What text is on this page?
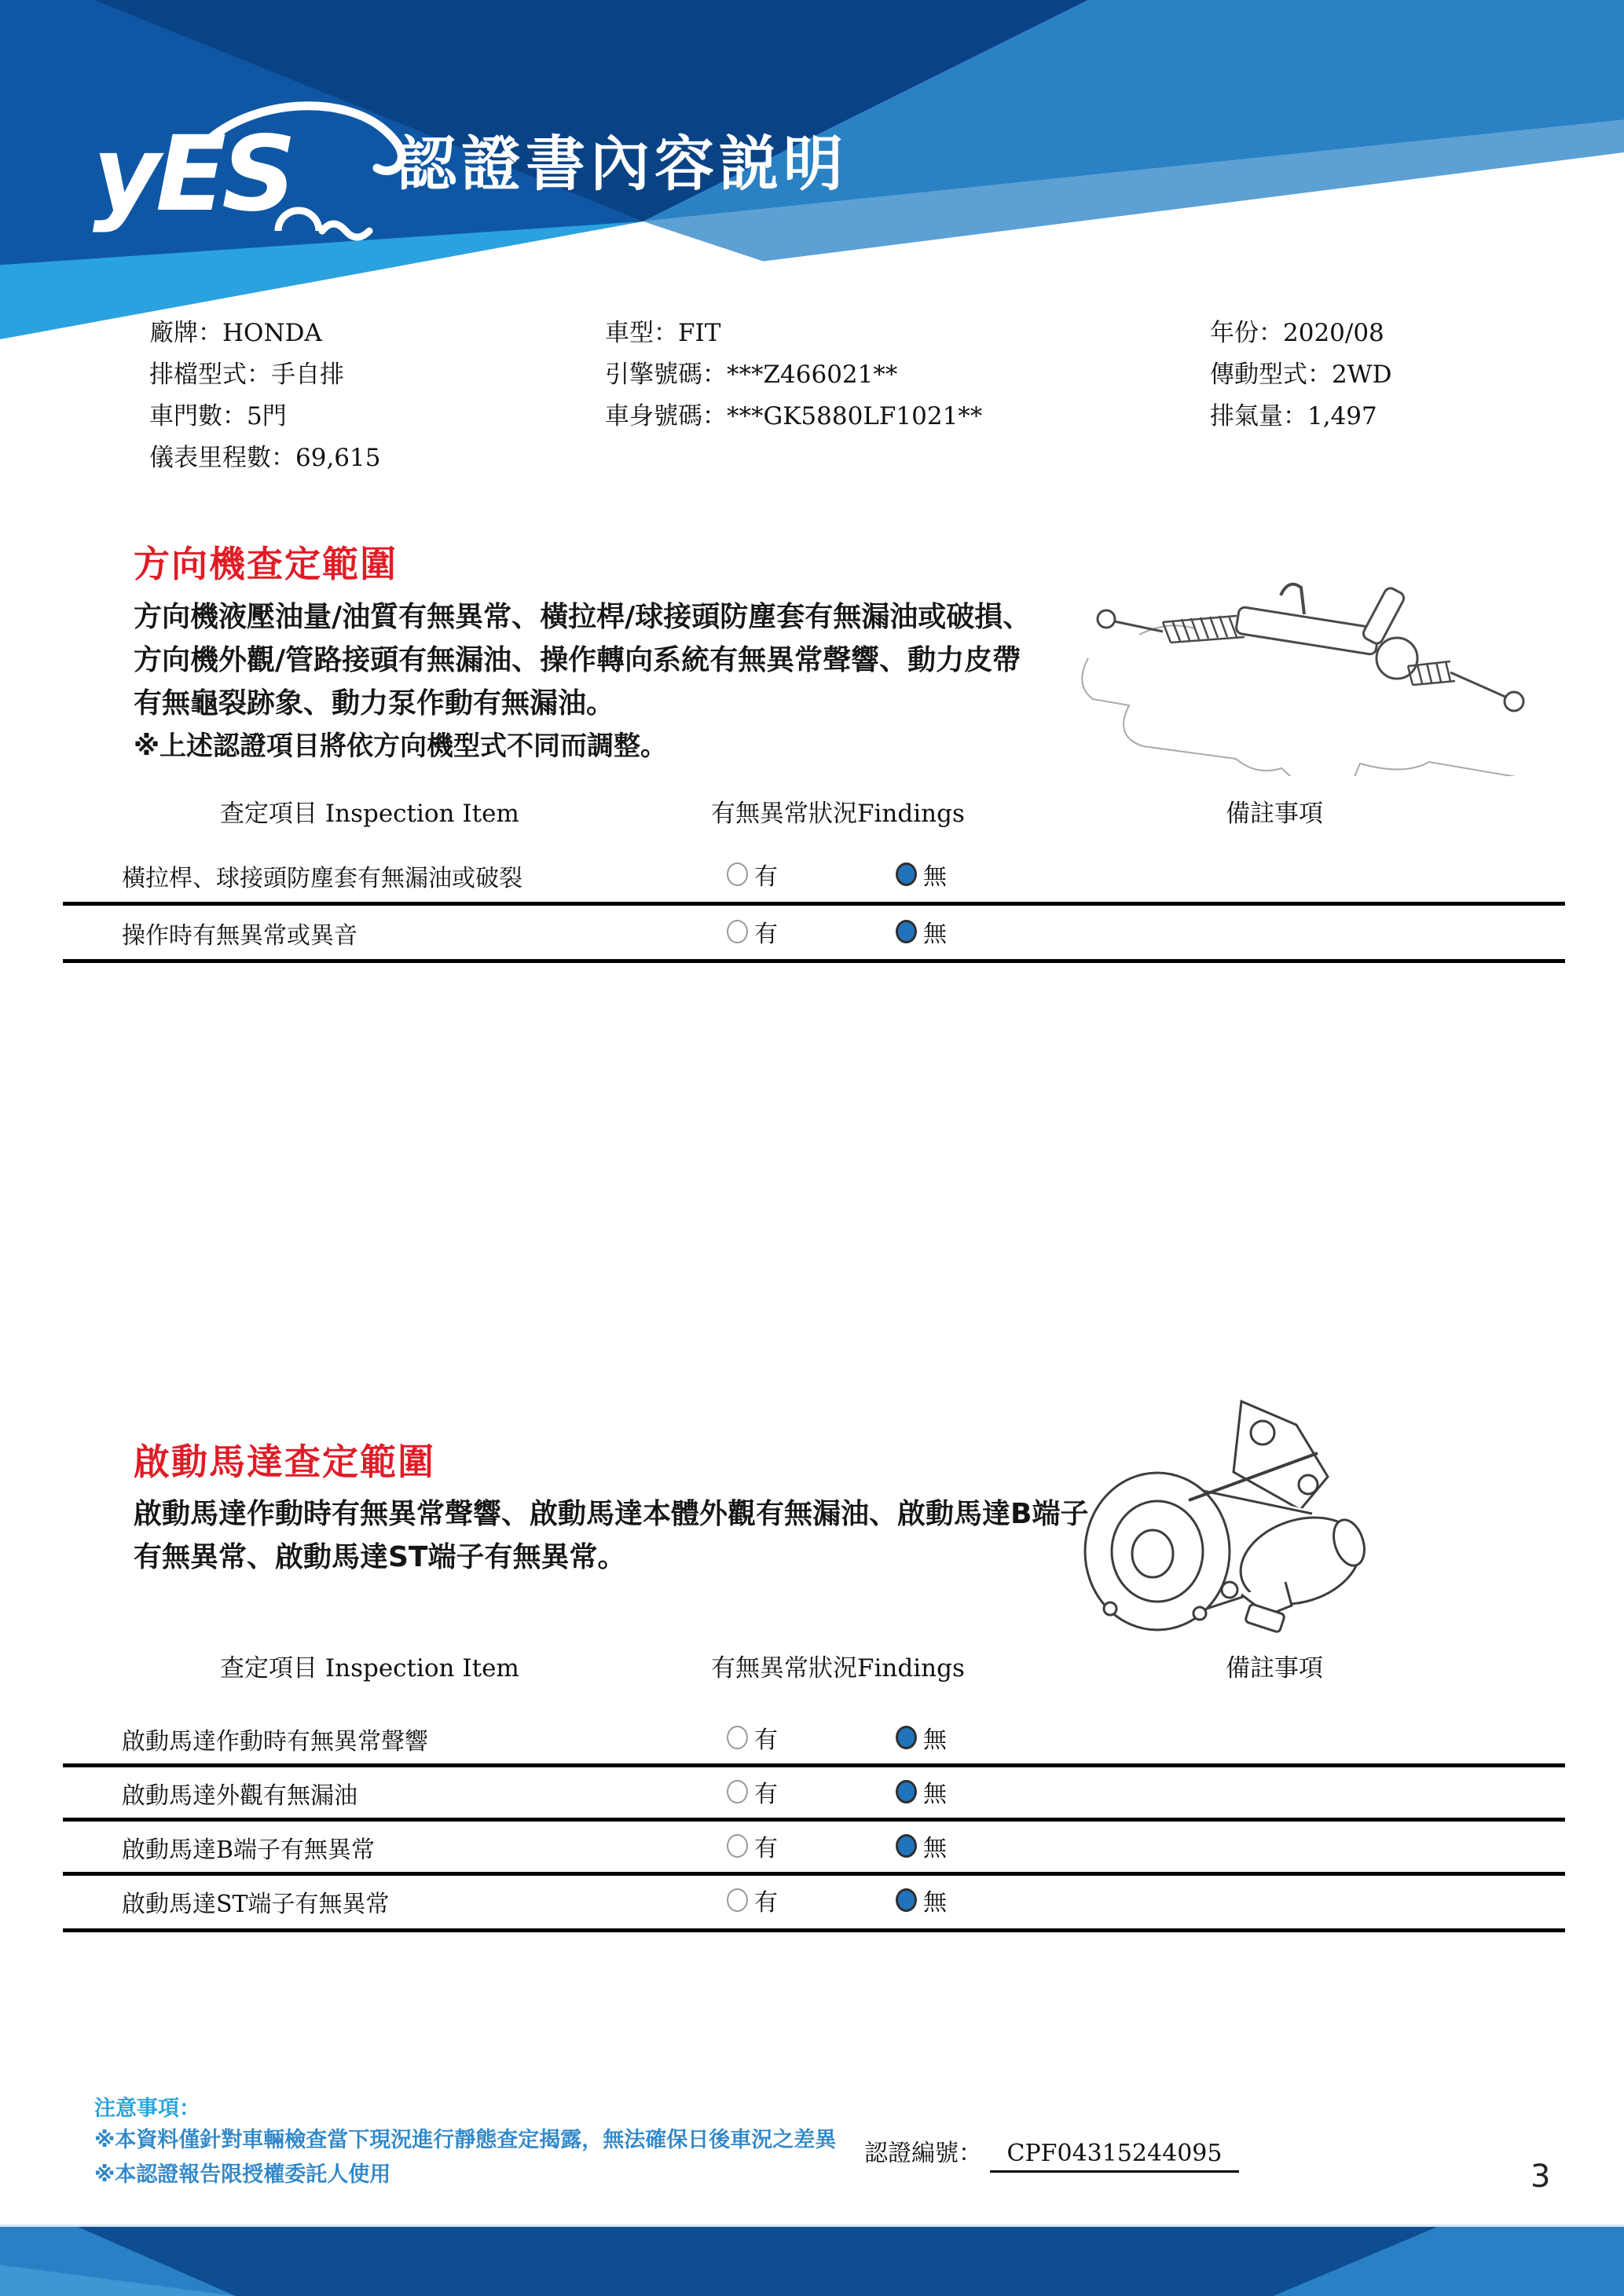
yES 認證書內容説明
廠牌：HONDA
排檔型式：手自排
車門數：5門
儀表里程數：69,615
車型：FIT
引擎號碼：***Z466021**
車身號碼：***GK5880LF1021**
年份：2020/08
傳動型式：2WD
排氣量：1,497
方向機查定範圍
方向機液壓油量/油質有無異常、橫拉桿/球接頭防塵套有無漏油或破損、
方向機外觀/管路接頭有無漏油、操作轉向系統有無異常聲響、動力皮帶
有無龜裂跡象、動力泵作動有無漏油。
※上述認證項目將依方向機型式不同而調整。
查定項目 Inspection Item	有無異常狀況Findings	備註事項
橫拉桿、球接頭防塵套有無漏油或破裂	有	無
操作時有無異常或異音	有	無
啟動馬達查定範圍
啟動馬達作動時有無異常聲響、啟動馬達本體外觀有無漏油、啟動馬達B端子
有無異常、啟動馬達ST端子有無異常。
查定項目 Inspection Item	有無異常狀況Findings	備註事項
啟動馬達作動時有無異常聲響	有	無
啟動馬達外觀有無漏油	有	無
啟動馬達B端子有無異常	有	無
啟動馬達ST端子有無異常	有	無
注意事項：
※本資料僅針對車輛檢查當下現況進行靜態查定揭露，無法確保日後車況之差異
※本認證報告限授權委託人使用
認證編號： CPF04315244095
3
